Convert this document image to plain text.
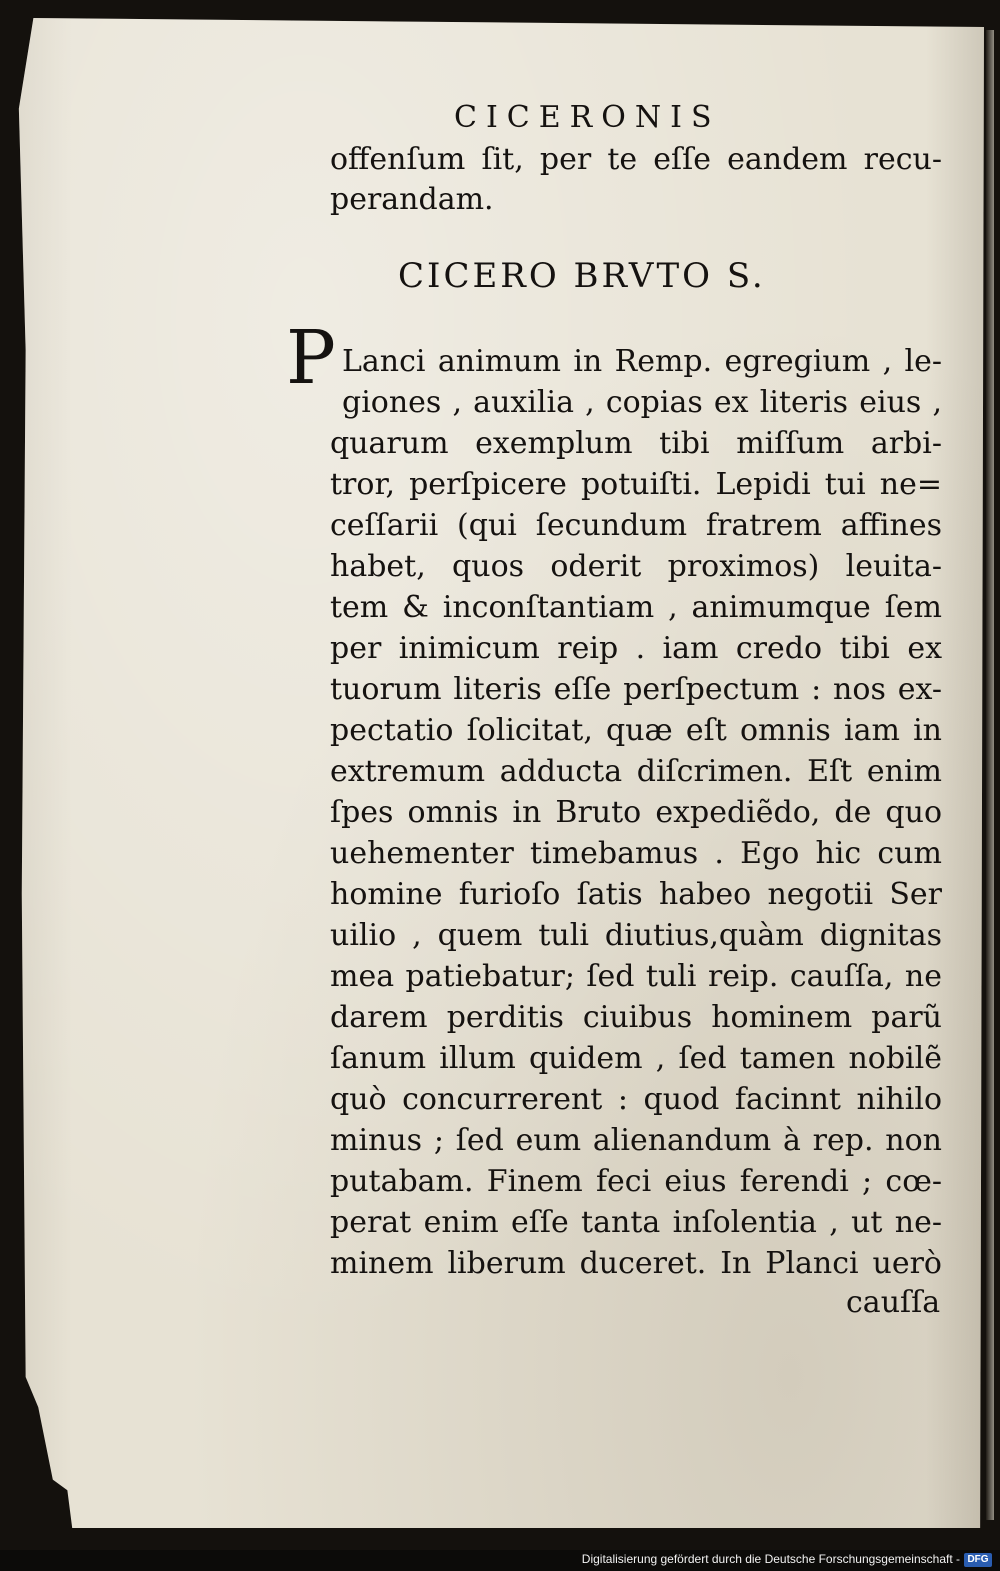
CICERONIS

offenſum ſit, per te eſſe eandem recu-

perandam.

CICERO BRVTO S.

P Lanci animum in Remp. egregium , le-

giones , auxilia , copias ex literis eius ,

quarum exemplum tibi miſſum arbi-

tror, perſpicere potuiſti. Lepidi tui ne=

ceſſarii (qui ſecundum fratrem affines

habet, quos oderit proximos) leuita-

tem & inconſtantiam , animumque ſem

per inimicum reip . iam credo tibi ex

tuorum literis eſſe perſpectum : nos ex-

pectatio ſolicitat, quæ eſt omnis iam in

extremum adducta diſcrimen. Eſt enim

ſpes omnis in Bruto expediẽdo, de quo

uehementer timebamus . Ego hic cum

homine furioſo ſatis habeo negotii Ser

uilio , quem tuli diutius,quàm dignitas

mea patiebatur; ſed tuli reip. cauſſa, ne

darem perditis ciuibus hominem parũ

ſanum illum quidem , ſed tamen nobilẽ

quò concurrerent : quod facinnt nihilo

minus ; ſed eum alienandum à rep. non

putabam. Finem feci eius ferendi ; cœ-

perat enim eſſe tanta inſolentia , ut ne-

minem liberum duceret. In Planci uerò

cauſſa

Digitalisierung gefördert durch die Deutsche Forschungsgemeinschaft - DFG
